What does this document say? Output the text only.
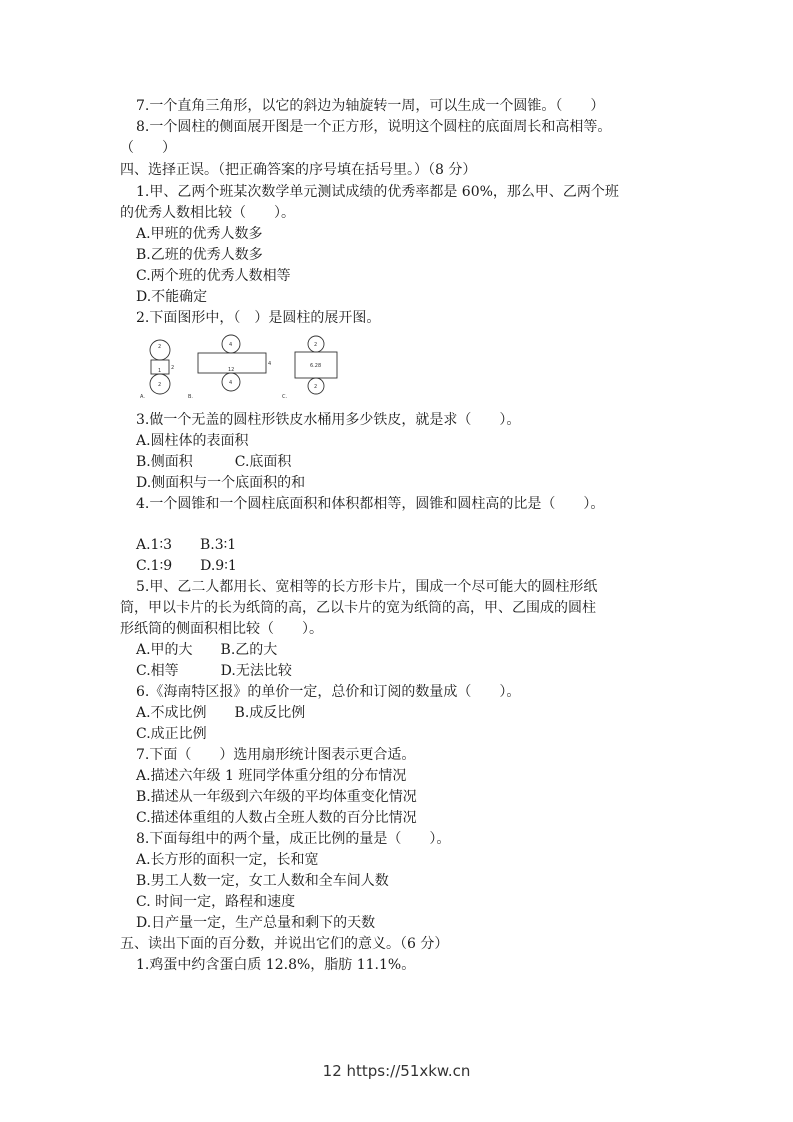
7.一个直角三角形，以它的斜边为轴旋转一周，可以生成一个圆锥。（　　）
8.一个圆柱的侧面展开图是一个正方形，说明这个圆柱的底面周长和高相等。
（　　）
四、选择正误。（把正确答案的序号填在括号里。）（8 分）
1.甲、乙两个班某次数学单元测试成绩的优秀率都是 60%，那么甲、乙两个班
的优秀人数相比较（　　）。
A.甲班的优秀人数多
B.乙班的优秀人数多
C.两个班的优秀人数相等
D.不能确定
2.下面图形中，（　）是圆柱的展开图。
A.
2
1 2
2
B.
4
12
4
4
C.
2
6.28
2
3.做一个无盖的圆柱形铁皮水桶用多少铁皮，就是求（　　）。
A.圆柱体的表面积
B.侧面积　　　C.底面积
D.侧面积与一个底面积的和
4.一个圆锥和一个圆柱底面积和体积都相等，圆锥和圆柱高的比是（　　）。
A.1∶3　　B.3∶1
C.1∶9　　D.9∶1
5.甲、乙二人都用长、宽相等的长方形卡片，围成一个尽可能大的圆柱形纸
筒，甲以卡片的长为纸筒的高，乙以卡片的宽为纸筒的高，甲、乙围成的圆柱
形纸筒的侧面积相比较（　　）。
A.甲的大　　B.乙的大
C.相等　　　D.无法比较
6.《海南特区报》的单价一定，总价和订阅的数量成（　　）。
A.不成比例　　B.成反比例
C.成正比例
7.下面（　　）选用扇形统计图表示更合适。
A.描述六年级 1 班同学体重分组的分布情况
B.描述从一年级到六年级的平均体重变化情况
C.描述体重组的人数占全班人数的百分比情况
8.下面每组中的两个量，成正比例的量是（　　）。
A.长方形的面积一定，长和宽
B.男工人数一定，女工人数和全车间人数
C. 时间一定，路程和速度
D.日产量一定，生产总量和剩下的天数
五、读出下面的百分数，并说出它们的意义。（6 分）
1.鸡蛋中约含蛋白质 12.8%，脂肪 11.1%。
12 https://51xkw.cn
